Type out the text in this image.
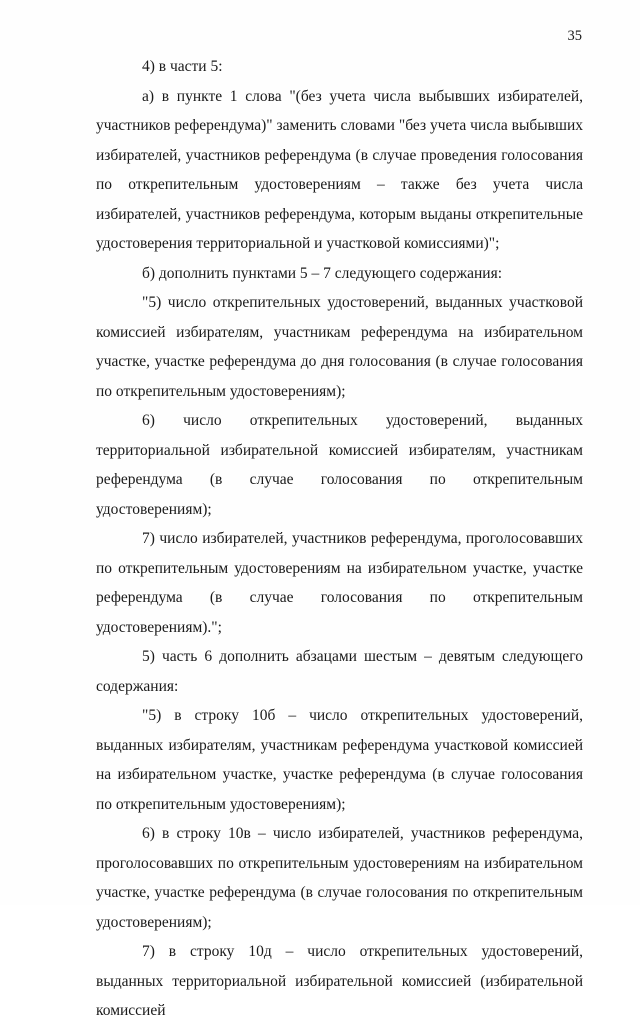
35

4) в части 5:

а) в пункте 1 слова "(без учета числа выбывших избирателей, участников референдума)" заменить словами "без учета числа выбывших избирателей, участников референдума (в случае проведения голосования по открепительным удостоверениям – также без учета числа избирателей, участников референдума, которым выданы открепительные удостоверения территориальной и участковой комиссиями)";

б) дополнить пунктами 5 – 7 следующего содержания:

"5) число открепительных удостоверений, выданных участковой комиссией избирателям, участникам референдума на избирательном участке, участке референдума до дня голосования (в случае голосования по открепительным удостоверениям);

6) число открепительных удостоверений, выданных территориальной избирательной комиссией избирателям, участникам референдума (в случае голосования по открепительным удостоверениям);

7) число избирателей, участников референдума, проголосовавших по открепительным удостоверениям на избирательном участке, участке референдума (в случае голосования по открепительным удостоверениям).";

5) часть 6 дополнить абзацами шестым – девятым следующего содержания:

"5) в строку 10б – число открепительных удостоверений, выданных избирателям, участникам референдума участковой комиссией на избирательном участке, участке референдума (в случае голосования по открепительным удостоверениям);

6) в строку 10в – число избирателей, участников референдума, проголосовавших по открепительным удостоверениям на избирательном участке, участке референдума (в случае голосования по открепительным удостоверениям);

7) в строку 10д – число открепительных удостоверений, выданных территориальной избирательной комиссией (избирательной комиссией
